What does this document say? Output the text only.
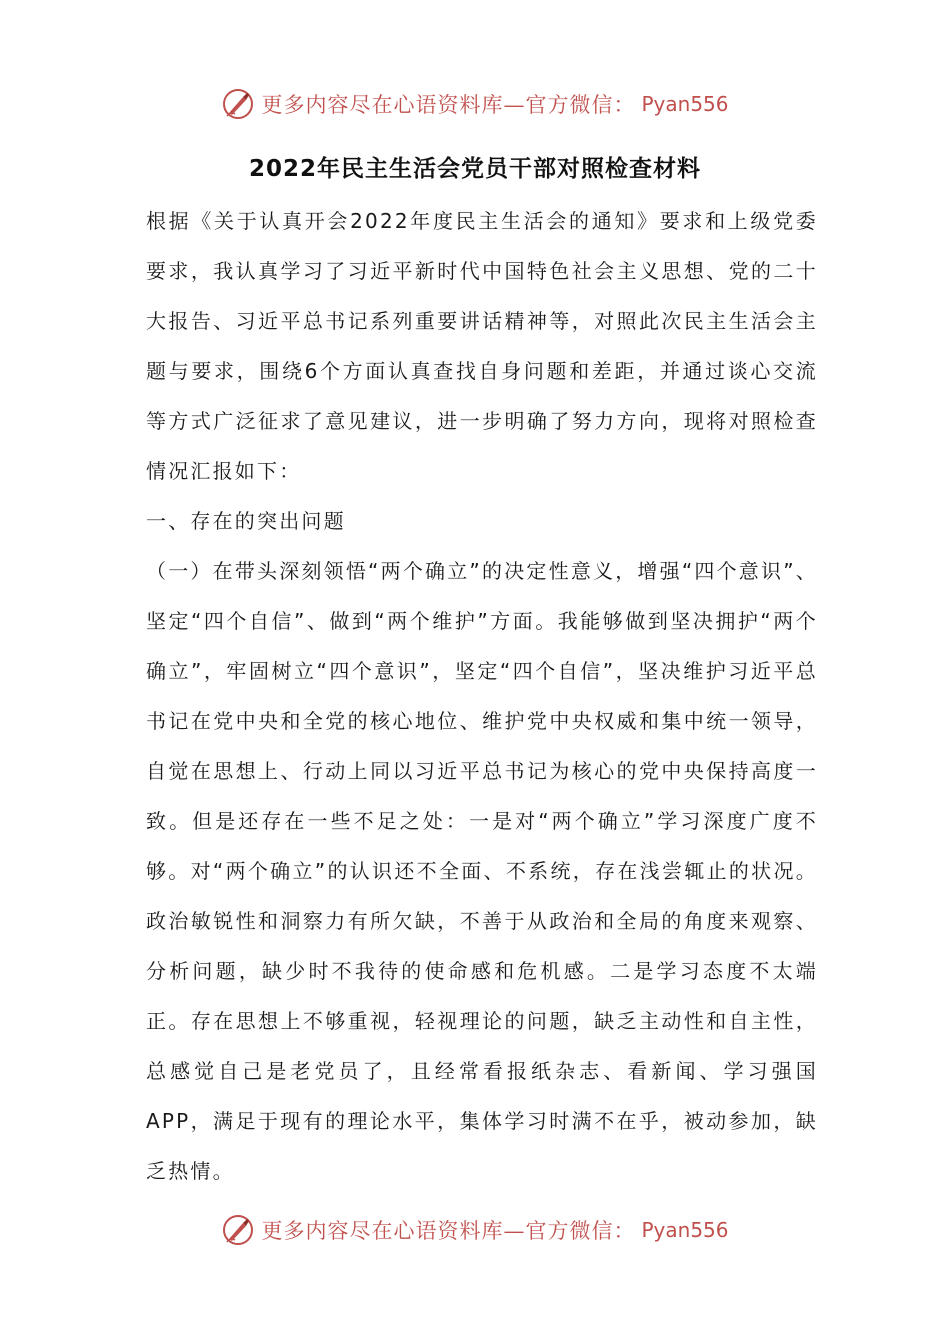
更多内容尽在心语资料库—官方微信： Pyan556
2022年民主生活会党员干部对照检查材料

根据《关于认真开会2022年度民主生活会的通知》要求和上级党委要求，我认真学习了习近平新时代中国特色社会主义思想、党的二十大报告、习近平总书记系列重要讲话精神等，对照此次民主生活会主题与要求，围绕6个方面认真查找自身问题和差距，并通过谈心交流等方式广泛征求了意见建议，进一步明确了努力方向，现将对照检查情况汇报如下：

一、存在的突出问题

（一）在带头深刻领悟“两个确立”的决定性意义，增强“四个意识”、坚定“四个自信”、做到“两个维护”方面。我能够做到坚决拥护“两个确立”，牢固树立“四个意识”，坚定“四个自信”，坚决维护习近平总书记在党中央和全党的核心地位、维护党中央权威和集中统一领导，自觉在思想上、行动上同以习近平总书记为核心的党中央保持高度一致。但是还存在一些不足之处：一是对“两个确立”学习深度广度不够。对“两个确立”的认识还不全面、不系统，存在浅尝辄止的状况。政治敏锐性和洞察力有所欠缺，不善于从政治和全局的角度来观察、分析问题，缺少时不我待的使命感和危机感。二是学习态度不太端正。存在思想上不够重视，轻视理论的问题，缺乏主动性和自主性，总感觉自己是老党员了，且经常看报纸杂志、看新闻、学习强国APP，满足于现有的理论水平，集体学习时满不在乎，被动参加，缺乏热情。

更多内容尽在心语资料库—官方微信： Pyan556
